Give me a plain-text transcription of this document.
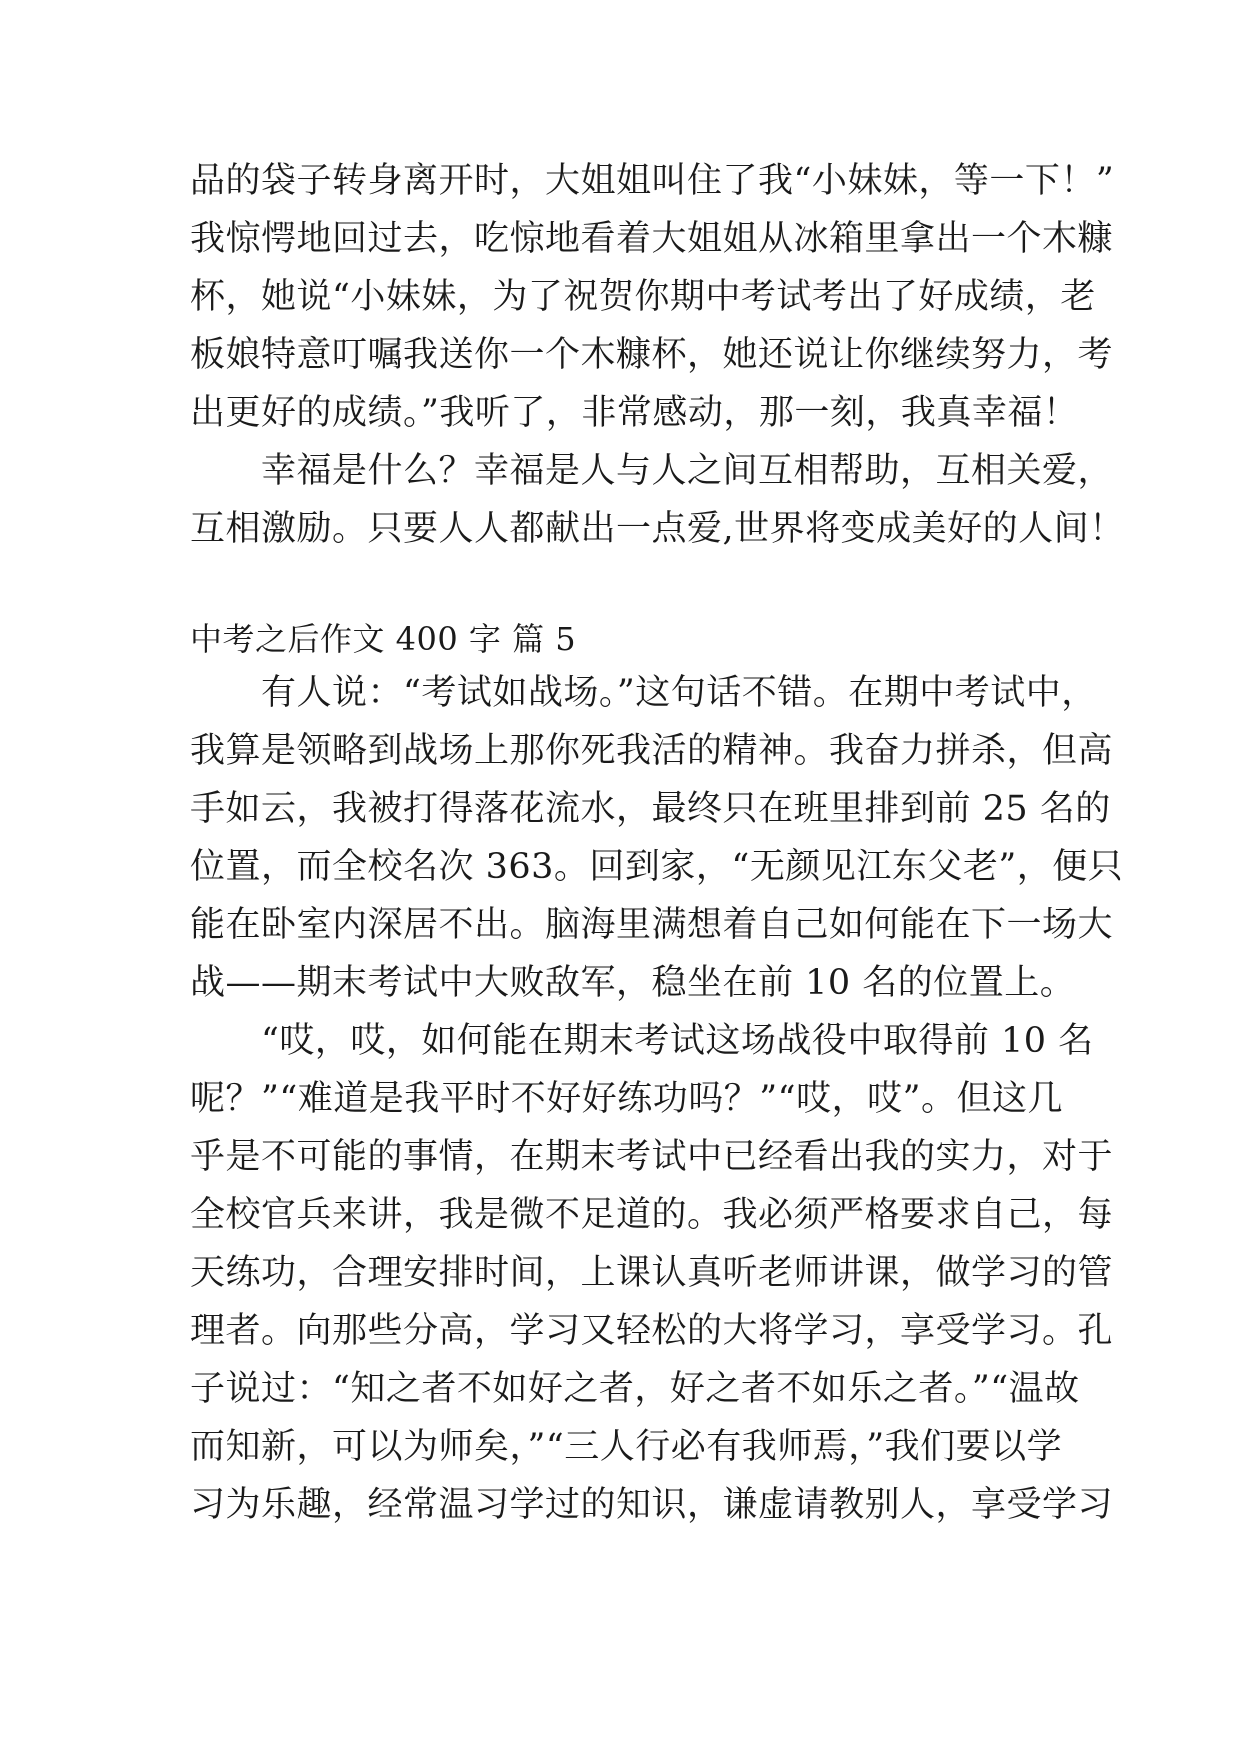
品的袋子转身离开时，大姐姐叫住了我“小妹妹，等一下！”
我惊愕地回过去，吃惊地看着大姐姐从冰箱里拿出一个木糠
杯，她说“小妹妹，为了祝贺你期中考试考出了好成绩，老
板娘特意叮嘱我送你一个木糠杯，她还说让你继续努力，考
出更好的成绩。”我听了，非常感动，那一刻，我真幸福！
　　幸福是什么？幸福是人与人之间互相帮助，互相关爱，
互相激励。只要人人都献出一点爱,世界将变成美好的人间！
中考之后作文 400 字 篇 5
　　有人说：“考试如战场。”这句话不错。在期中考试中，
我算是领略到战场上那你死我活的精神。我奋力拼杀，但高
手如云，我被打得落花流水，最终只在班里排到前 25 名的
位置，而全校名次 363。回到家，“无颜见江东父老”，便只
能在卧室内深居不出。脑海里满想着自己如何能在下一场大
战——期末考试中大败敌军，稳坐在前 10 名的位置上。
　　“哎，哎，如何能在期末考试这场战役中取得前 10 名
呢？”“难道是我平时不好好练功吗？”“哎，哎”。但这几
乎是不可能的事情，在期末考试中已经看出我的实力，对于
全校官兵来讲，我是微不足道的。我必须严格要求自己，每
天练功，合理安排时间，上课认真听老师讲课，做学习的管
理者。向那些分高，学习又轻松的大将学习，享受学习。孔
子说过：“知之者不如好之者，好之者不如乐之者。”“温故
而知新，可以为师矣，”“三人行必有我师焉，”我们要以学
习为乐趣，经常温习学过的知识，谦虚请教别人，享受学习
